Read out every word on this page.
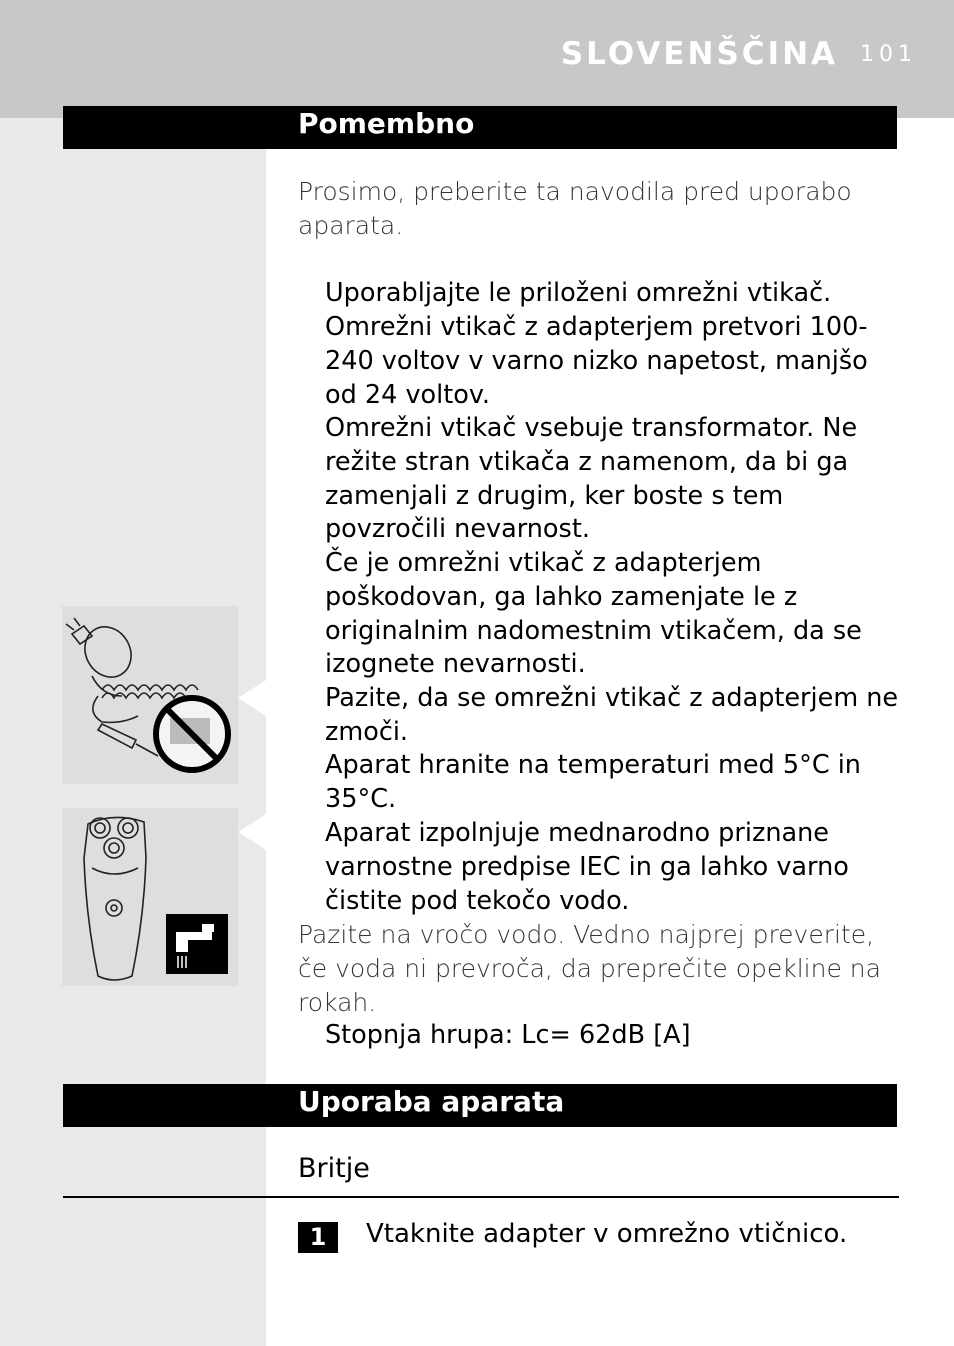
SLOVENŠČINA 101
Pomembno
Prosimo, preberite ta navodila pred uporabo aparata.
Uporabljajte le priloženi omrežni vtikač.
Omrežni vtikač z adapterjem pretvori 100-240 voltov v varno nizko napetost, manjšo od 24 voltov.
Omrežni vtikač vsebuje transformator. Ne režite stran vtikača z namenom, da bi ga zamenjali z drugim, ker boste s tem povzročili nevarnost.
Če je omrežni vtikač z adapterjem poškodovan, ga lahko zamenjate le z originalnim nadomestnim vtikačem, da se izognete nevarnosti.
Pazite, da se omrežni vtikač z adapterjem ne zmoči.
Aparat hranite na temperaturi med 5°C in 35°C.
Aparat izpolnjuje mednarodno priznane varnostne predpise IEC in ga lahko varno čistite pod tekočo vodo.
Pazite na vročo vodo. Vedno najprej preverite, če voda ni prevroča, da preprečite opekline na rokah.
Stopnja hrupa: Lc= 62dB [A]
Uporaba aparata
Britje
1	Vtaknite adapter v omrežno vtičnico.
